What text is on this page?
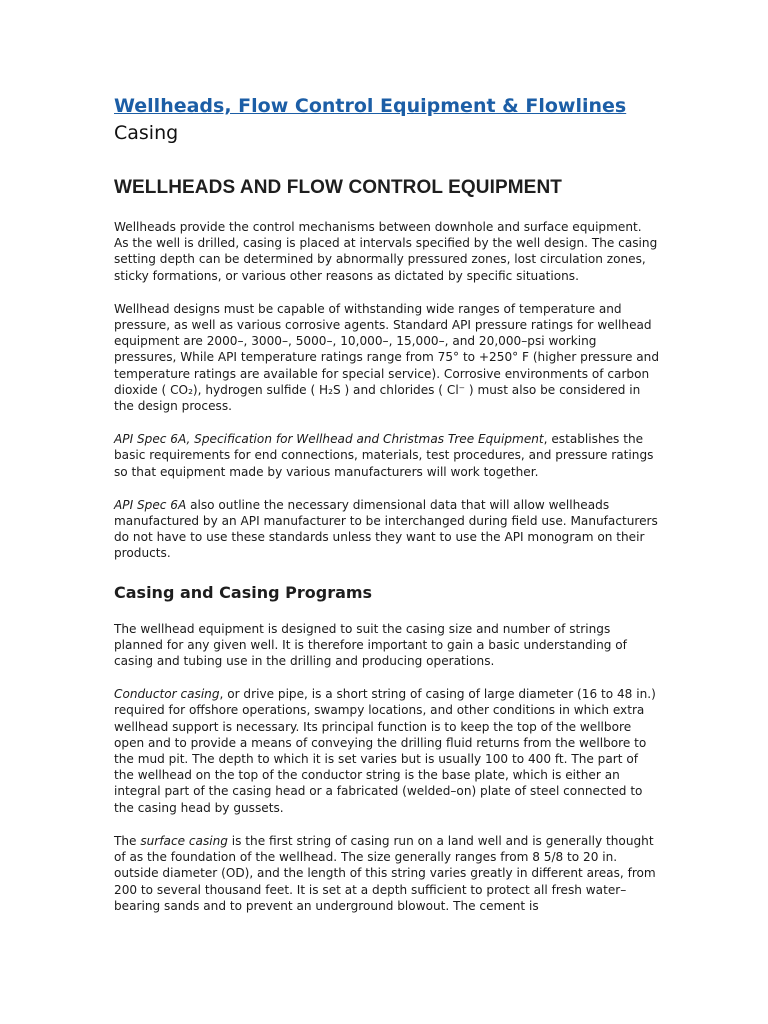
Wellheads, Flow Control Equipment & Flowlines
Casing
WELLHEADS AND FLOW CONTROL EQUIPMENT

Wellheads provide the control mechanisms between downhole and surface equipment. As the well is drilled, casing is placed at intervals specified by the well design. The casing setting depth can be determined by abnormally pressured zones, lost circulation zones, sticky formations, or various other reasons as dictated by specific situations.

Wellhead designs must be capable of withstanding wide ranges of temperature and pressure, as well as various corrosive agents. Standard API pressure ratings for wellhead equipment are 2000–, 3000–, 5000–, 10,000–, 15,000–, and 20,000–psi working pressures, While API temperature ratings range from 75° to +250° F (higher pressure and temperature ratings are available for special service). Corrosive environments of carbon dioxide ( CO₂), hydrogen sulfide ( H₂S ) and chlorides ( Cl⁻ ) must also be considered in the design process.

API Spec 6A, Specification for Wellhead and Christmas Tree Equipment, establishes the basic requirements for end connections, materials, test procedures, and pressure ratings so that equipment made by various manufacturers will work together.

API Spec 6A also outline the necessary dimensional data that will allow wellheads manufactured by an API manufacturer to be interchanged during field use. Manufacturers do not have to use these standards unless they want to use the API monogram on their products.

Casing and Casing Programs

The wellhead equipment is designed to suit the casing size and number of strings planned for any given well. It is therefore important to gain a basic understanding of casing and tubing use in the drilling and producing operations.

Conductor casing, or drive pipe, is a short string of casing of large diameter (16 to 48 in.) required for offshore operations, swampy locations, and other conditions in which extra wellhead support is necessary. Its principal function is to keep the top of the wellbore open and to provide a means of conveying the drilling fluid returns from the wellbore to the mud pit. The depth to which it is set varies but is usually 100 to 400 ft. The part of the wellhead on the top of the conductor string is the base plate, which is either an integral part of the casing head or a fabricated (welded–on) plate of steel connected to the casing head by gussets.

The surface casing is the first string of casing run on a land well and is generally thought of as the foundation of the wellhead. The size generally ranges from 8 5/8 to 20 in. outside diameter (OD), and the length of this string varies greatly in different areas, from 200 to several thousand feet. It is set at a depth sufficient to protect all fresh water–bearing sands and to prevent an underground blowout. The cement is
